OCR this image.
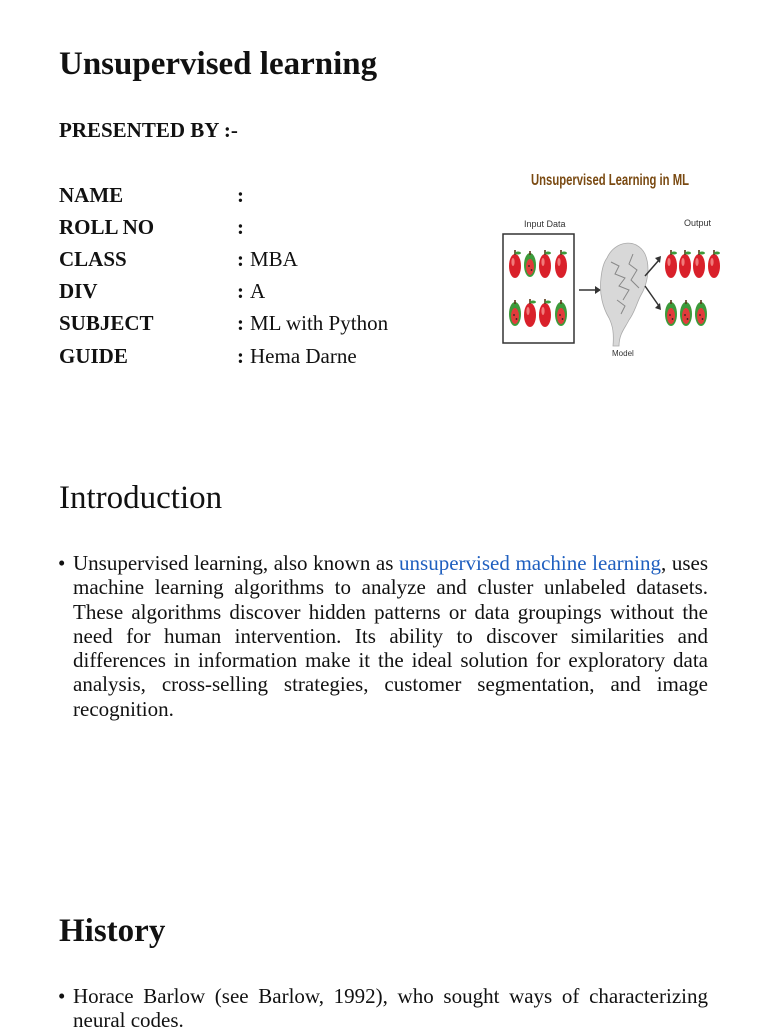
Unsupervised learning
PRESENTED BY :-
NAME	:
ROLL NO	:
CLASS	: MBA
DIV	: A
SUBJECT	: ML with Python
GUIDE	: Hema Darne
Unsupervised Learning in ML
Input Data	Output
Model
Introduction
• Unsupervised learning, also known as unsupervised machine learning, uses machine learning algorithms to analyze and cluster unlabeled datasets. These algorithms discover hidden patterns or data groupings without the need for human intervention. Its ability to discover similarities and differences in information make it the ideal solution for exploratory data analysis, cross-selling strategies, customer segmentation, and image recognition.

History
• Horace Barlow (see Barlow, 1992), who sought ways of characterizing neural codes.
